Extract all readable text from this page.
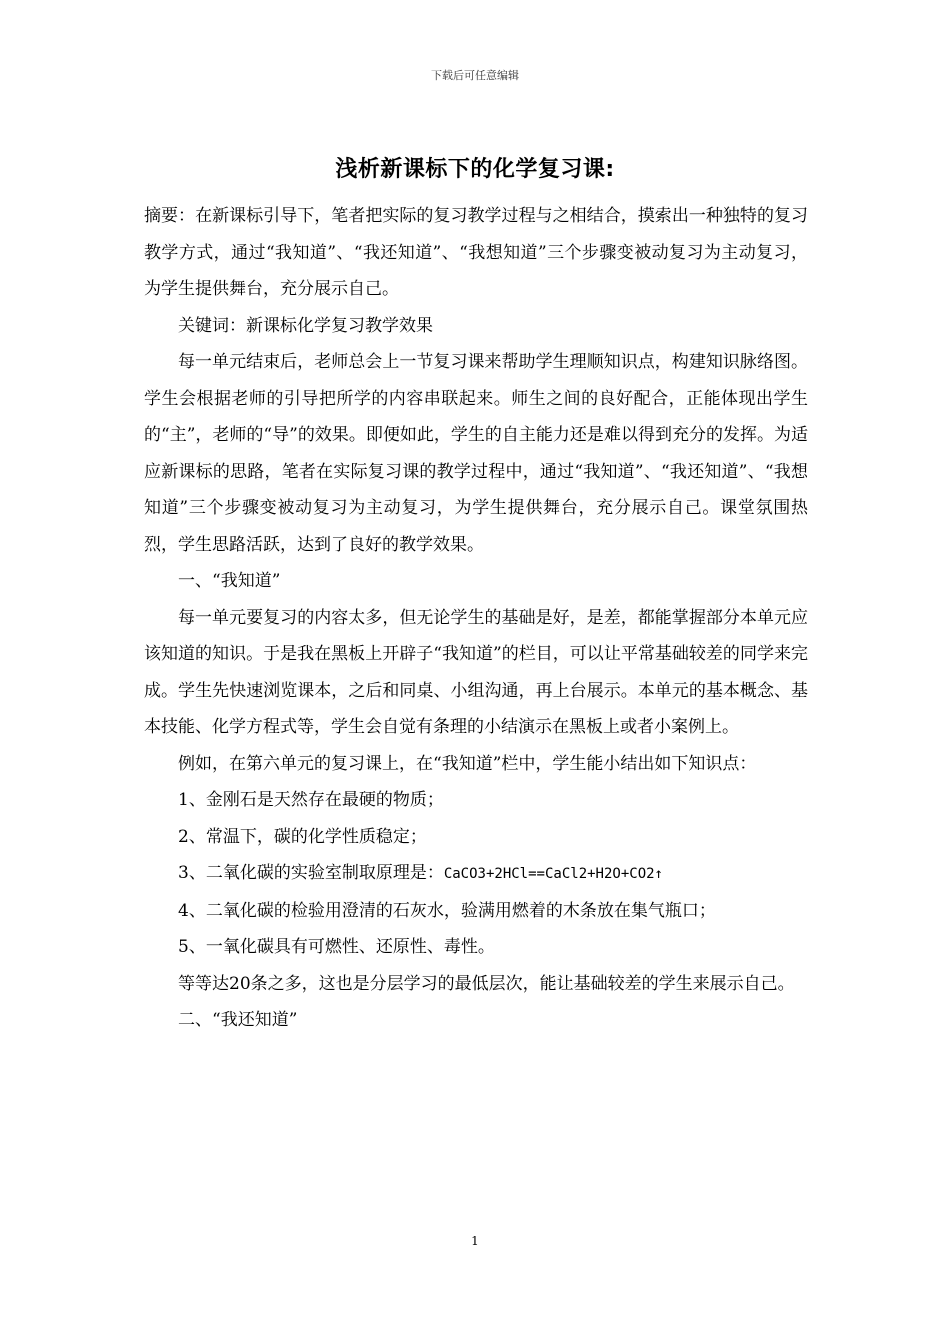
下载后可任意编辑
浅析新课标下的化学复习课:

摘要：在新课标引导下，笔者把实际的复习教学过程与之相结合，摸索出一种独特的复习教学方式，通过“我知道”、“我还知道”、“我想知道”三个步骤变被动复习为主动复习，为学生提供舞台，充分展示自己。

关键词：新课标化学复习教学效果

每一单元结束后，老师总会上一节复习课来帮助学生理顺知识点，构建知识脉络图。学生会根据老师的引导把所学的内容串联起来。师生之间的良好配合，正能体现出学生的“主”，老师的“导”的效果。即便如此，学生的自主能力还是难以得到充分的发挥。为适应新课标的思路，笔者在实际复习课的教学过程中，通过“我知道”、“我还知道”、“我想知道”三个步骤变被动复习为主动复习，为学生提供舞台，充分展示自己。课堂氛围热烈，学生思路活跃，达到了良好的教学效果。

一、“我知道”

每一单元要复习的内容太多，但无论学生的基础是好，是差，都能掌握部分本单元应该知道的知识。于是我在黑板上开辟子“我知道”的栏目，可以让平常基础较差的同学来完成。学生先快速浏览课本，之后和同桌、小组沟通，再上台展示。本单元的基本概念、基本技能、化学方程式等，学生会自觉有条理的小结演示在黑板上或者小案例上。

例如，在第六单元的复习课上，在“我知道”栏中，学生能小结出如下知识点：

1、金刚石是天然存在最硬的物质；

2、常温下，碳的化学性质稳定；

3、二氧化碳的实验室制取原理是：CaCO3+2HCl==CaCl2+H2O+CO2↑

4、二氧化碳的检验用澄清的石灰水，验满用燃着的木条放在集气瓶口；

5、一氧化碳具有可燃性、还原性、毒性。

等等达20条之多，这也是分层学习的最低层次，能让基础较差的学生来展示自己。

二、“我还知道”

1
